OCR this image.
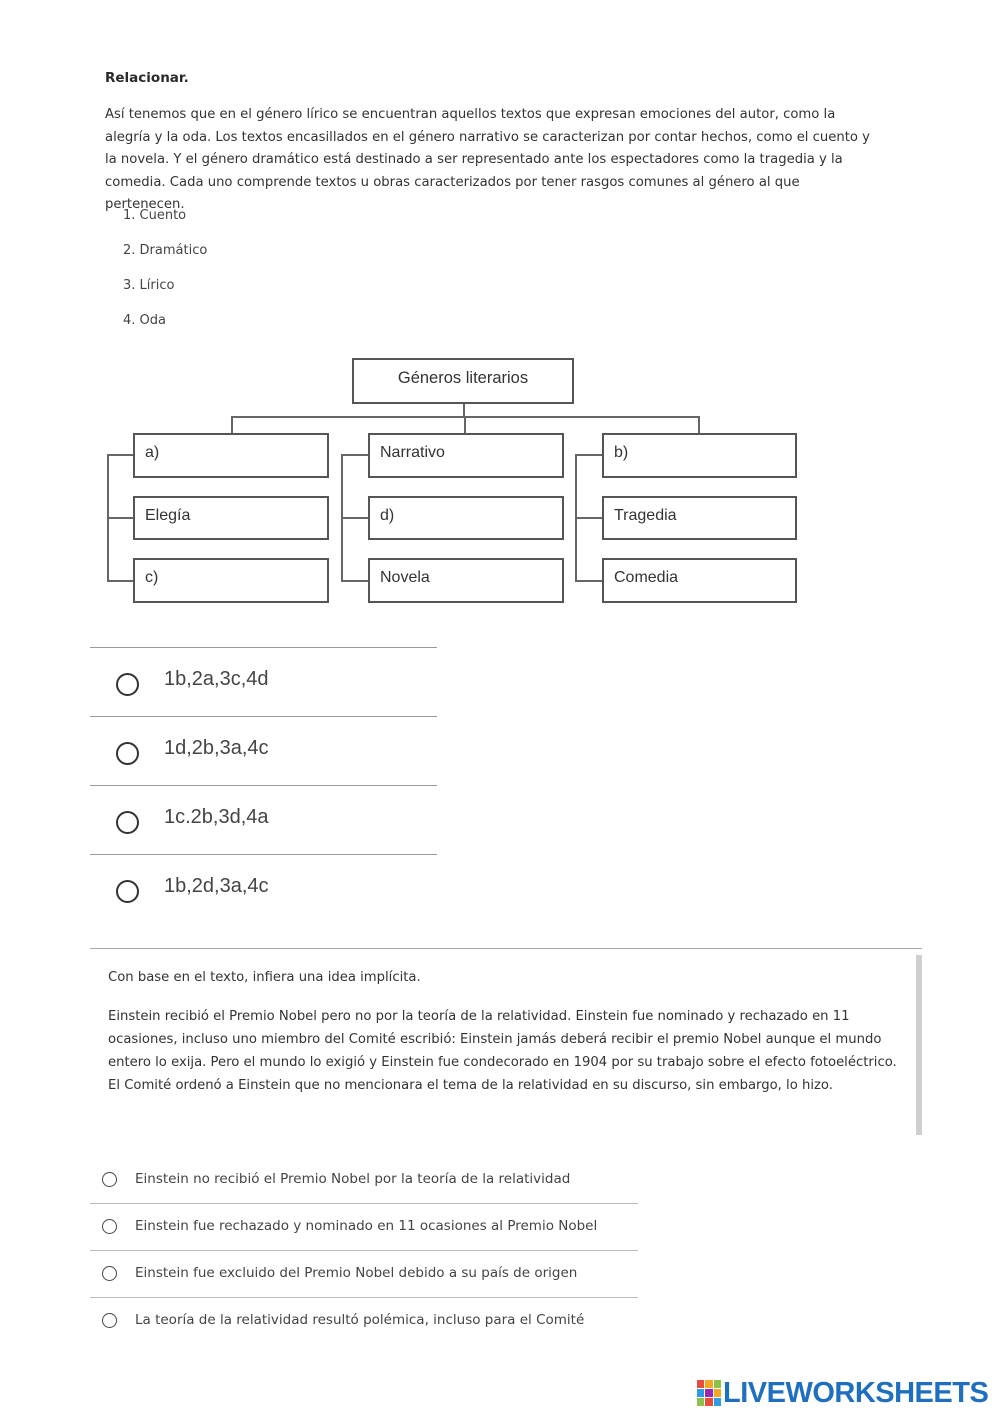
Relacionar.
Así tenemos que en el género lírico se encuentran aquellos textos que expresan emociones del autor, como la alegría y la oda. Los textos encasillados en el género narrativo se caracterizan por contar hechos, como el cuento y la novela. Y el género dramático está destinado a ser representado ante los espectadores como la tragedia y la comedia. Cada uno comprende textos u obras caracterizados por tener rasgos comunes al género al que pertenecen.
1. Cuento
2. Dramático
3. Lírico
4. Oda
Géneros literarios
a)
Elegía
c)
Narrativo
d)
Novela
b)
Tragedia
Comedia
1b,2a,3c,4d
1d,2b,3a,4c
1c.2b,3d,4a
1b,2d,3a,4c
Con base en el texto, infiera una idea implícita.
Einstein recibió el Premio Nobel pero no por la teoría de la relatividad. Einstein fue nominado y rechazado en 11 ocasiones, incluso uno miembro del Comité escribió: Einstein jamás deberá recibir el premio Nobel aunque el mundo entero lo exija. Pero el mundo lo exigió y Einstein fue condecorado en 1904 por su trabajo sobre el efecto fotoeléctrico. El Comité ordenó a Einstein que no mencionara el tema de la relatividad en su discurso, sin embargo, lo hizo.
Einstein no recibió el Premio Nobel por la teoría de la relatividad
Einstein fue rechazado y nominado en 11 ocasiones al Premio Nobel
Einstein fue excluido del Premio Nobel debido a su país de origen
La teoría de la relatividad resultó polémica, incluso para el Comité
LIVEWORKSHEETS
